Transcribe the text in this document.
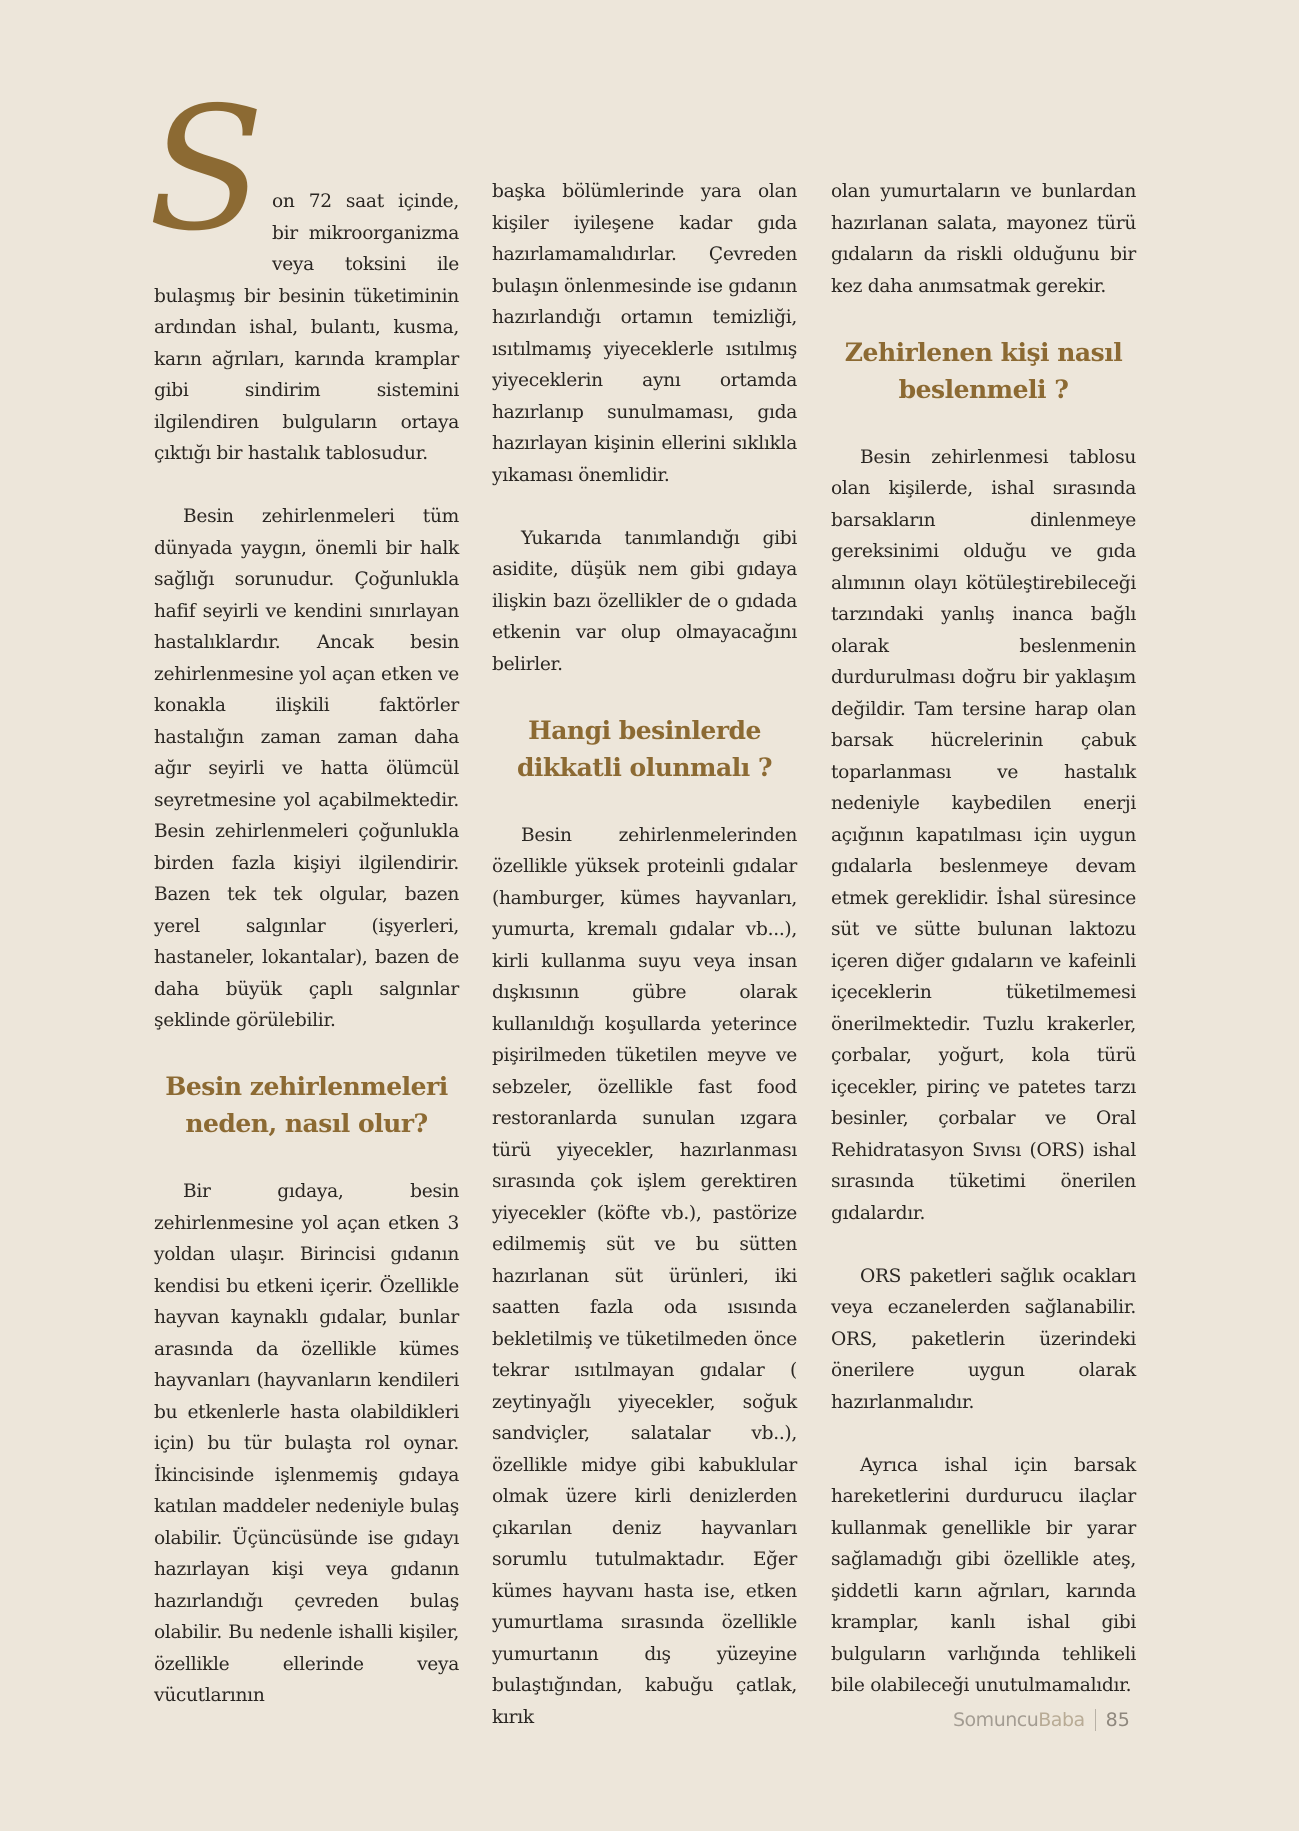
S on 72 saat içinde, bir mikroorganizma veya toksini ile bulaşmış bir besinin tüketiminin ardından ishal, bulantı, kusma, karın ağrıları, karında kramplar gibi sindirim sistemini ilgilendiren bulguların ortaya çıktığı bir hastalık tablosudur.

Besin zehirlenmeleri tüm dünyada yaygın, önemli bir halk sağlığı sorunudur. Çoğunlukla hafif seyirli ve kendini sınırlayan hastalıklardır. Ancak besin zehirlenmesine yol açan etken ve konakla ilişkili faktörler hastalığın zaman zaman daha ağır seyirli ve hatta ölümcül seyretmesine yol açabilmektedir. Besin zehirlenmeleri çoğunlukla birden fazla kişiyi ilgilendirir. Bazen tek tek olgular, bazen yerel salgınlar (işyerleri, hastaneler, lokantalar), bazen de daha büyük çaplı salgınlar şeklinde görülebilir.

Besin zehirlenmeleri neden, nasıl olur?

Bir gıdaya, besin zehirlenmesine yol açan etken 3 yoldan ulaşır. Birincisi gıdanın kendisi bu etkeni içerir. Özellikle hayvan kaynaklı gıdalar, bunlar arasında da özellikle kümes hayvanları (hayvanların kendileri bu etkenlerle hasta olabildikleri için) bu tür bulaşta rol oynar. İkincisinde işlenmemiş gıdaya katılan maddeler nedeniyle bulaş olabilir. Üçüncüsünde ise gıdayı hazırlayan kişi veya gıdanın hazırlandığı çevreden bulaş olabilir. Bu nedenle ishalli kişiler, özellikle ellerinde veya vücutlarının

başka bölümlerinde yara olan kişiler iyileşene kadar gıda hazırlamamalıdırlar. Çevreden bulaşın önlenmesinde ise gıdanın hazırlandığı ortamın temizliği, ısıtılmamış yiyeceklerle ısıtılmış yiyeceklerin aynı ortamda hazırlanıp sunulmaması, gıda hazırlayan kişinin ellerini sıklıkla yıkaması önemlidir.

Yukarıda tanımlandığı gibi asidite, düşük nem gibi gıdaya ilişkin bazı özellikler de o gıdada etkenin var olup olmayacağını belirler.

Hangi besinlerde dikkatli olunmalı ?

Besin zehirlenmelerinden özellikle yüksek proteinli gıdalar (hamburger, kümes hayvanları, yumurta, kremalı gıdalar vb...), kirli kullanma suyu veya insan dışkısının gübre olarak kullanıldığı koşullarda yeterince pişirilmeden tüketilen meyve ve sebzeler, özellikle fast food restoranlarda sunulan ızgara türü yiyecekler, hazırlanması sırasında çok işlem gerektiren yiyecekler (köfte vb.), pastörize edilmemiş süt ve bu sütten hazırlanan süt ürünleri, iki saatten fazla oda ısısında bekletilmiş ve tüketilmeden önce tekrar ısıtılmayan gıdalar ( zeytinyağlı yiyecekler, soğuk sandviçler, salatalar vb..), özellikle midye gibi kabuklular olmak üzere kirli denizlerden çıkarılan deniz hayvanları sorumlu tutulmaktadır. Eğer kümes hayvanı hasta ise, etken yumurtlama sırasında özellikle yumurtanın dış yüzeyine bulaştığından, kabuğu çatlak, kırık

olan yumurtaların ve bunlardan hazırlanan salata, mayonez türü gıdaların da riskli olduğunu bir kez daha anımsatmak gerekir.

Zehirlenen kişi nasıl beslenmeli ?

Besin zehirlenmesi tablosu olan kişilerde, ishal sırasında barsakların dinlenmeye gereksinimi olduğu ve gıda alımının olayı kötüleştirebileceği tarzındaki yanlış inanca bağlı olarak beslenmenin durdurulması doğru bir yaklaşım değildir. Tam tersine harap olan barsak hücrelerinin çabuk toparlanması ve hastalık nedeniyle kaybedilen enerji açığının kapatılması için uygun gıdalarla beslenmeye devam etmek gereklidir. İshal süresince süt ve sütte bulunan laktozu içeren diğer gıdaların ve kafeinli içeceklerin tüketilmemesi önerilmektedir. Tuzlu krakerler, çorbalar, yoğurt, kola türü içecekler, pirinç ve patetes tarzı besinler, çorbalar ve Oral Rehidratasyon Sıvısı (ORS) ishal sırasında tüketimi önerilen gıdalardır.

ORS paketleri sağlık ocakları veya eczanelerden sağlanabilir. ORS, paketlerin üzerindeki önerilere uygun olarak hazırlanmalıdır.

Ayrıca ishal için barsak hareketlerini durdurucu ilaçlar kullanmak genellikle bir yarar sağlamadığı gibi özellikle ateş, şiddetli karın ağrıları, karında kramplar, kanlı ishal gibi bulguların varlığında tehlikeli bile olabileceği unutulmamalıdır.

Somuncu Baba 85
